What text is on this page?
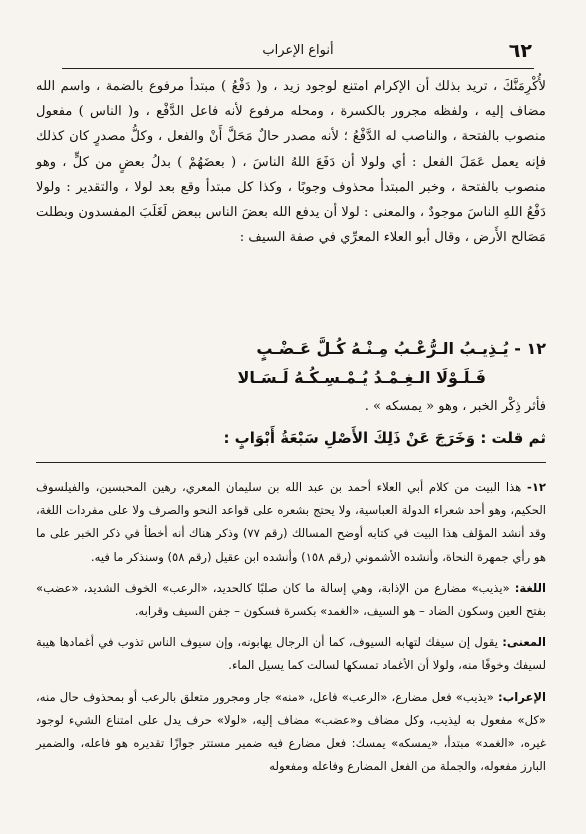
٦٢
أنواع الإعراب

لأُكْرِمَنَّكَ ، تريد بذلك أن الإكرام امتنع لوجود زيد ، و( دَفْعُ ) مبتدأ مرفوع بالضمة ، واسم الله مضاف إليه ، ولفظه مجرور بالكسرة ، ومحله مرفوع لأنه فاعل الدَّفْع ، و( الناس ) مفعول منصوب بالفتحة ، والناصب له الدَّفْعُ ؛ لأنه مصدر حالٌ مَحَلَّ أَنْ والفعل ، وكلُّ مصدرٍ كان كذلك فإنه يعمل عَمَلَ الفعل : أي ولولا أن دَفَعَ اللهُ الناسَ ، ( بعضَهُمْ ) بدلُ بعضٍ من كلٍّ ، وهو منصوب بالفتحة ، وخبر المبتدأ محذوف وجوبًا ، وكذا كل مبتدأ وقع بعد لولا ، والتقدير : ولولا دَفْعُ اللهِ الناسَ موجودٌ ، والمعنى : لولا أن يدفع الله بعضَ الناس ببعض لَغَلَبَ المفسدون وبطلت مَصَالح الأَرض ، وقال أبو العلاء المعرِّي في صفة السيف :

١٢ - يُـذِيـبُ الـرُّعْـبُ مِـنْـهُ كُـلَّ عَـضْـبٍ
فَـلَـوْلَا الـغِـمْـدُ يُـمْـسِـكُـهُ لَـسَـالا
فأثر ذِكْر الخبر ، وهو « يمسكه » .
ثم قلت : وَخَرَجَ عَنْ ذَلِكَ الأَصْلِ سَبْعَةُ أَبْوَابٍ :

١٢- هذا البيت من كلام أبي العلاء أحمد بن عبد الله بن سليمان المعري، رهين المحبسين، والفيلسوف الحكيم، وهو أحد شعراء الدولة العباسية، ولا يحتج بشعره على قواعد النحو والصرف ولا على مفردات اللغة، وقد أنشد المؤلف هذا البيت في كتابه أوضح المسالك (رقم ٧٧) وذكر هناك أنه أخطأ في ذكر الخبر على ما هو رأي جمهرة النحاة، وأنشده الأشموني (رقم ١٥٨) وأنشده ابن عقيل (رقم ٥٨) وسنذكر ما فيه.

اللغة: «يذيب» مضارع من الإذابة، وهي إسالة ما كان صلبًا كالحديد، «الرعب» الخوف الشديد، «عضب» بفتح العين وسكون الضاد – هو السيف، «الغمد» بكسرة فسكون – جفن السيف وقرابه.

المعنى: يقول إن سيفك لتهابه السيوف، كما أن الرجال يهابونه، وإن سيوف الناس تذوب في أغمادها هيبة لسيفك وخوفًا منه، ولولا أن الأغماد تمسكها لسالت كما يسيل الماء.

الإعراب: «يذيب» فعل مضارع، «الرعب» فاعل، «منه» جار ومجرور متعلق بالرعب أو بمحذوف حال منه، «كل» مفعول به ليذيب، وكل مضاف و«عضب» مضاف إليه، «لولا» حرف يدل على امتناع الشيء لوجود غيره، «الغمد» مبتدأ، «يمسكه» يمسك: فعل مضارع فيه ضمير مستتر جوازًا تقديره هو فاعله، والضمير البارز مفعوله، والجملة من الفعل المضارع وفاعله ومفعوله
